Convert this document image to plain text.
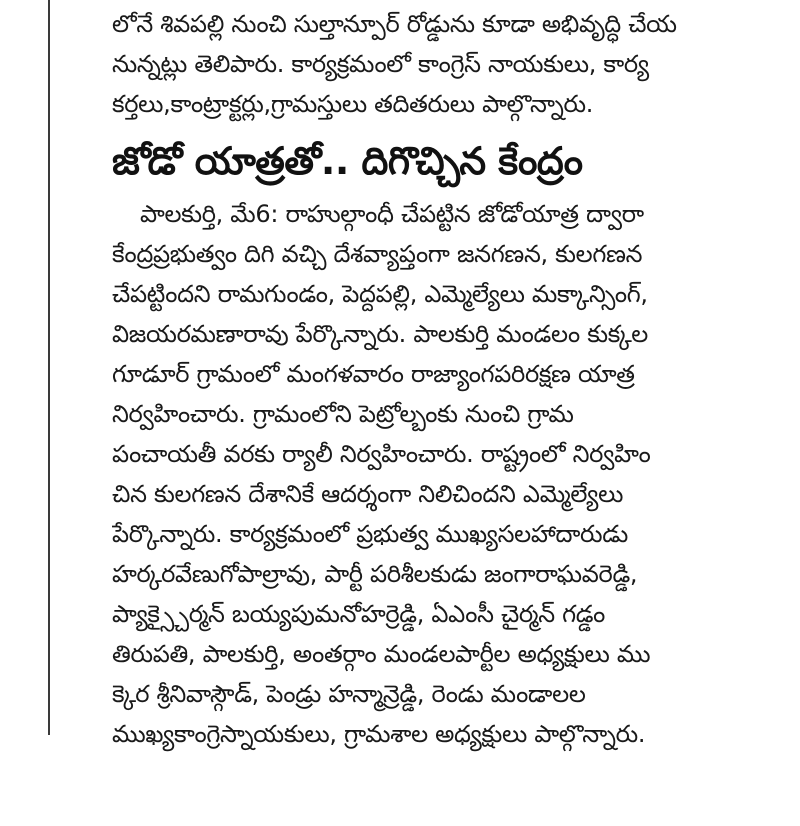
లోనే శివపల్లి నుంచి సుల్తాన్పూర్ రోడ్డును కూడా అభివృద్ధి చేయ
నున్నట్లు తెలిపారు. కార్యక్రమంలో కాంగ్రెస్ నాయకులు, కార్య
కర్తలు,కాంట్రాక్టర్లు,గ్రామస్తులు తదితరులు పాల్గొన్నారు.
జోడో యాత్రతో.. దిగొచ్చిన కేంద్రం
పాలకుర్తి, మే6: రాహుల్గాంధీ చేపట్టిన జోడోయాత్ర ద్వారా
కేంద్రప్రభుత్వం దిగి వచ్చి దేశవ్యాప్తంగా జనగణన, కులగణన
చేపట్టిందని రామగుండం, పెద్దపల్లి, ఎమ్మెల్యేలు మక్కాన్సింగ్,
విజయరమణారావు పేర్కొన్నారు. పాలకుర్తి మండలం కుక్కల
గూడూర్ గ్రామంలో మంగళవారం రాజ్యాంగపరిరక్షణ యాత్ర
నిర్వహించారు. గ్రామంలోని పెట్రోల్బంకు నుంచి గ్రామ
పంచాయతీ వరకు ర్యాలీ నిర్వహించారు. రాష్ట్రంలో నిర్వహిం
చిన కులగణన దేశానికే ఆదర్శంగా నిలిచిందని ఎమ్మెల్యేలు
పేర్కొన్నారు. కార్యక్రమంలో ప్రభుత్వ ముఖ్యసలహాదారుడు
హర్కరవేణుగోపాల్రావు, పార్టీ పరిశీలకుడు జంగారాఘవరెడ్డి,
ప్యాక్స్చైర్మన్ బయ్యపుమనోహర్రెడ్డి, ఏఎంసీ చైర్మన్ గడ్డం
తిరుపతి, పాలకుర్తి, అంతర్గాం మండలపార్టీల అధ్యక్షులు ము
క్కెర శ్రీనివాస్గౌడ్, పెండ్రు హన్మాన్రెడ్డి, రెండు మండాలల
ముఖ్యకాంగ్రెస్నాయకులు, గ్రామశాల అధ్యక్షులు పాల్గొన్నారు.
